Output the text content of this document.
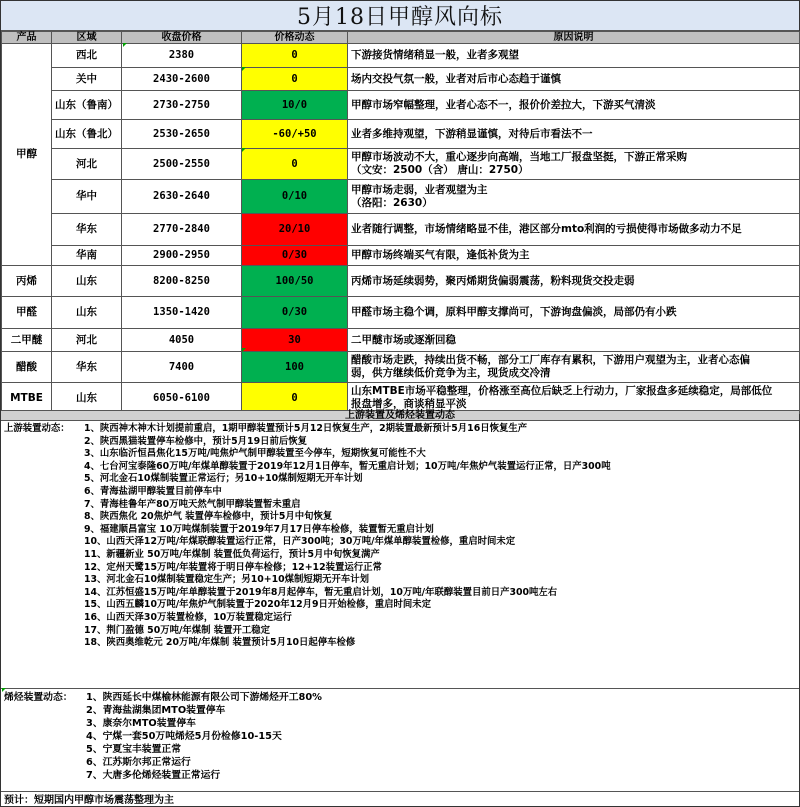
5月18日甲醇风向标
产品	区域	收盘价格	价格动态	原因说明
甲醇	西北	2380	0	下游接货情绪稍显一般，业者多观望

	关中	2430-2600	0	场内交投气氛一般，业者对后市心态趋于谨慎

	山东（鲁南）	2730-2750	10/0	甲醇市场窄幅整理，业者心态不一，报价价差拉大，下游买气清淡

	山东（鲁北）	2530-2650	-60/+50	业者多维持观望，下游稍显谨慎，对待后市看法不一

	河北	2500-2550	0	甲醇市场波动不大，重心逐步向高端，当地工厂报盘坚挺，下游正常采购
（文安：2500（含） 唐山：2750）

	华中	2630-2640	0/10	甲醇市场走弱，业者观望为主
（洛阳：2630）

	华东	2770-2840	20/10	业者随行调整，市场情绪略显不佳，港区部分mto利润的亏损使得市场做多动力不足

	华南	2900-2950	0/30	甲醇市场终端买气有限，逢低补货为主

丙烯	山东	8200-8250	100/50	丙烯市场延续弱势，聚丙烯期货偏弱震荡，粉料现货交投走弱

甲醛	山东	1350-1420	0/30	甲醛市场主稳个调，原料甲醇支撑尚可，下游询盘偏淡，局部仍有小跌

二甲醚	河北	4050	30	二甲醚市场或逐渐回稳

醋酸	华东	7400	100	醋酸市场走跌，持续出货不畅，部分工厂库存有累积，下游用户观望为主，业者心态偏
弱，供方继续低价竞争为主，现货成交冷清

MTBE	山东	6050-6100	0	山东MTBE市场平稳整理，价格涨至高位后缺乏上行动力，厂家报盘多延续稳定，局部低位
报盘增多，商谈稍显平淡
上游装置及烯烃装置动态
上游装置动态：	1、陕西神木神木计划提前重启，1期甲醇装置预计5月12日恢复生产，2期装置最新预计5月16日恢复生产
2、陕西黑猫装置停车检修中，预计5月19日前后恢复
3、山东临沂恒昌焦化15万吨/吨焦炉气制甲醇装置至今停车，短期恢复可能性不大
4、七台河宝泰隆60万吨/年煤单醇装置于2019年12月1日停车，暂无重启计划；10万吨/年焦炉气装置运行正常，日产300吨
5、河北金石10煤制装置正常运行；另10+10煤制短期无开车计划
6、青海盐湖甲醇装置目前停车中
7、青海桂鲁年产80万吨天然气制甲醇装置暂未重启
8、陕西焦化 20焦炉气 装置停车检修中，预计5月中旬恢复
9、福建顺昌富宝 10万吨煤制装置于2019年7月17日停车检修，装置暂无重启计划
10、山西天泽12万吨/年煤联醇装置运行正常，日产300吨；30万吨/年煤单醇装置检修，重启时间未定
11、新疆新业 50万吨/年煤制 装置低负荷运行，预计5月中旬恢复满产
12、定州天鹭15万吨/年装置将于明日停车检修；12+12装置运行正常
13、河北金石10煤制装置稳定生产；另10+10煤制短期无开车计划
14、江苏恒盛15万吨/年单醇装置于2019年8月起停车，暂无重启计划，10万吨/年联醇装置目前日产300吨左右
15、山西五麟10万吨/年焦炉气制装置于2020年12月9日开始检修，重启时间未定
16、山西天泽30万装置检修，10万装置稳定运行
17、荆门盈德 50万吨/年煤制 装置开工稳定
18、陕西奥维乾元 20万吨/年煤制 装置预计5月10日起停车检修
烯烃装置动态：	1、陕西延长中煤榆林能源有限公司下游烯烃开工80%
2、青海盐湖集团MTO装置停车
3、康奈尔MTO装置停车
4、宁煤一套50万吨烯烃5月份检修10-15天
5、宁夏宝丰装置正常
6、江苏斯尔邦正常运行
7、大唐多伦烯烃装置正常运行
预计：短期国内甲醇市场震荡整理为主
